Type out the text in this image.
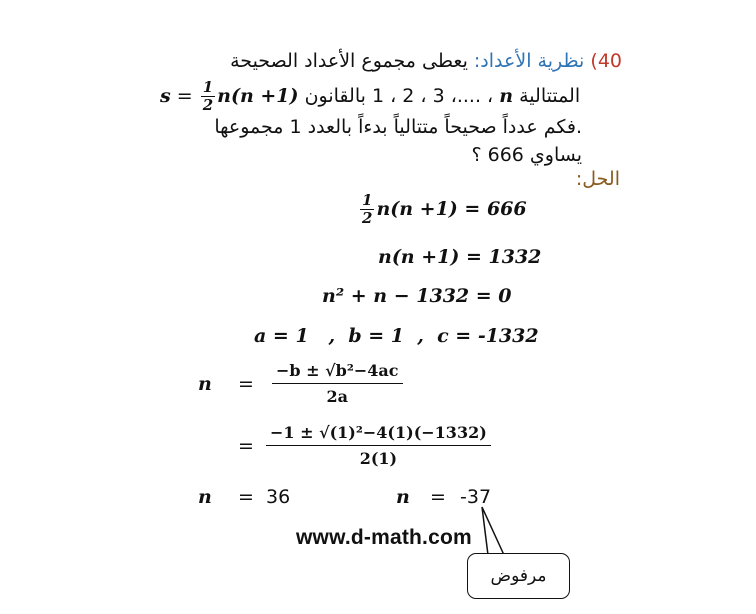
40) نظرية الأعداد: يعطى مجموع الأعداد الصحيحة
$s = \frac{1}{2} n(n +1)$ ، ....، 3 ، 2 ، 1 بالقانون n المتتالية
.فكم عدداً صحيحاً متتالياً بدءاً بالعدد 1 مجموعها
يساوي 666 ؟
الحل:
$\frac{1}{2} n(n +1) = 666$
n(n +1) = 1332
n² + n − 1332 = 0
a = 1   ,  b = 1  ,  c = -1332
n	=	$\frac{\text{−b ± √b²−4ac}}{2a}$
= $\frac{\text{−1 ± √(1)²−4(1)(−1332)}}{2(1)}$
n	= 36	n	= -37
www.d-math.com
مرفوض
